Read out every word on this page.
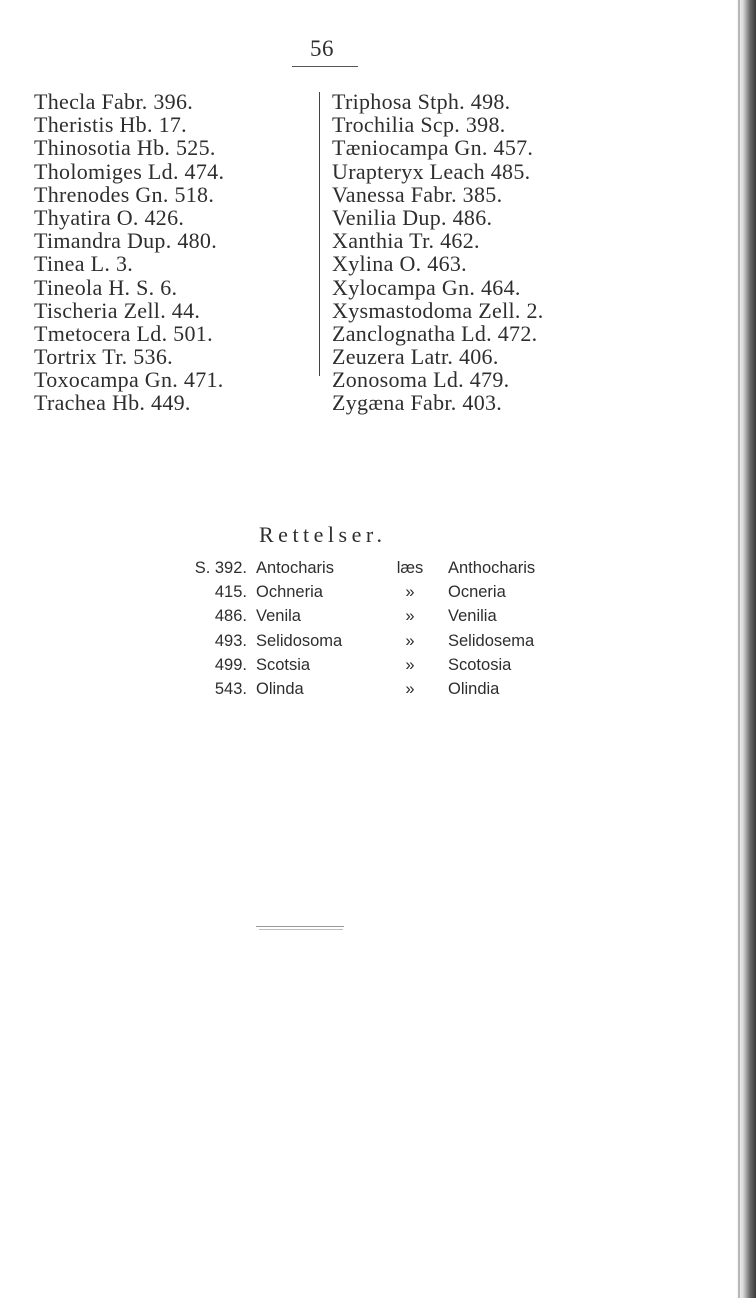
56
Thecla Fabr. 396.
Theristis Hb. 17.
Thinosotia Hb. 525.
Tholomiges Ld. 474.
Threnodes Gn. 518.
Thyatira O. 426.
Timandra Dup. 480.
Tinea L. 3.
Tineola H. S. 6.
Tischeria Zell. 44.
Tmetocera Ld. 501.
Tortrix Tr. 536.
Toxocampa Gn. 471.
Trachea Hb. 449.
Triphosa Stph. 498.
Trochilia Scp. 398.
Tæniocampa Gn. 457.
Urapteryx Leach 485.
Vanessa Fabr. 385.
Venilia Dup. 486.
Xanthia Tr. 462.
Xylina O. 463.
Xylocampa Gn. 464.
Xysmastodoma Zell. 2.
Zanclognatha Ld. 472.
Zeuzera Latr. 406.
Zonosoma Ld. 479.
Zygæna Fabr. 403.
Rettelser.
S. 392. Antocharis	læs	Anthocharis
415. Ochneria	»	Ocneria
486. Venila	»	Venilia
493. Selidosoma	»	Selidosema
499. Scotsia	»	Scotosia
543. Olinda	»	Olindia
